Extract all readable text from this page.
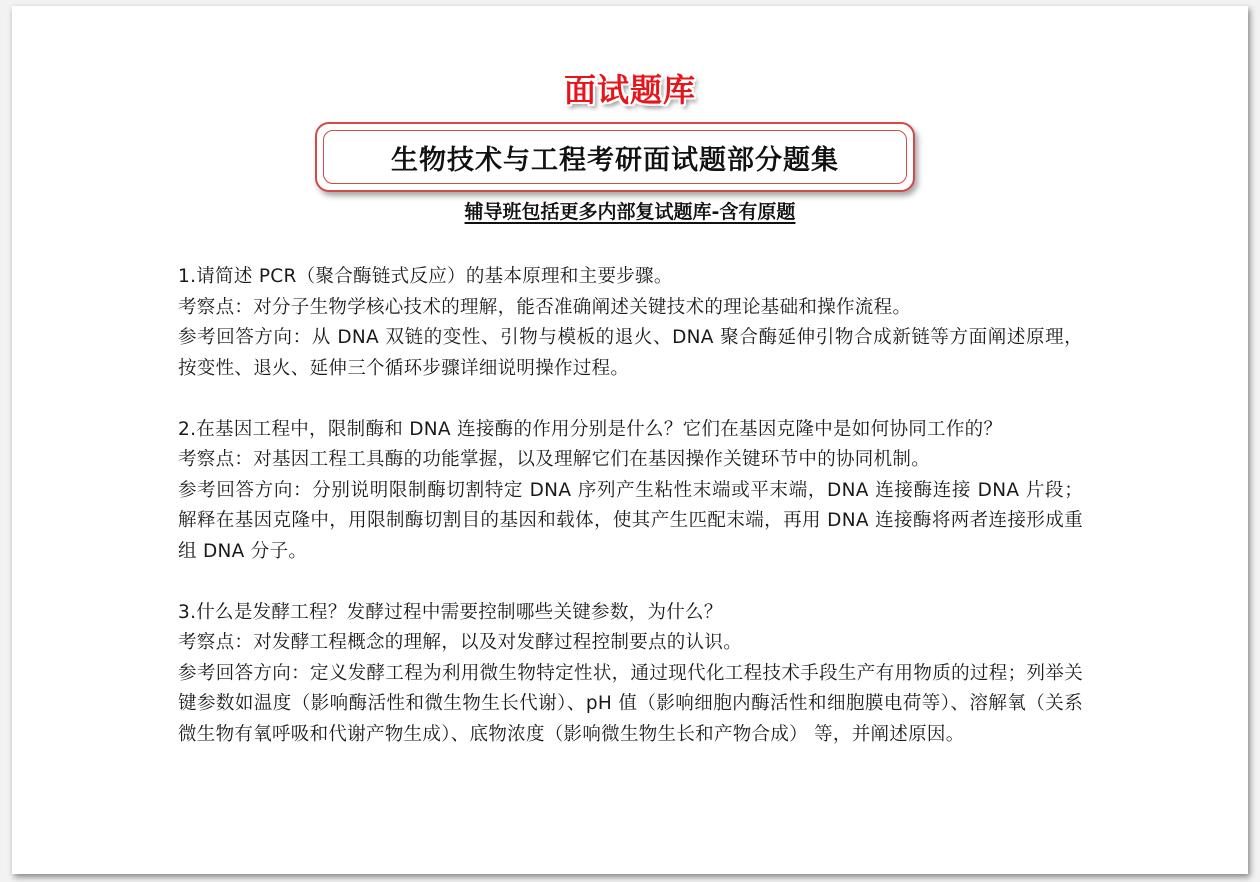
面试题库
生物技术与工程考研面试题部分题集
辅导班包括更多内部复试题库-含有原题

1.请简述 PCR（聚合酶链式反应）的基本原理和主要步骤。

考察点：对分子生物学核心技术的理解，能否准确阐述关键技术的理论基础和操作流程。

参考回答方向：从 DNA 双链的变性、引物与模板的退火、DNA 聚合酶延伸引物合成新链等方面阐述原理，按变性、退火、延伸三个循环步骤详细说明操作过程。

2.在基因工程中，限制酶和 DNA 连接酶的作用分别是什么？它们在基因克隆中是如何协同工作的？

考察点：对基因工程工具酶的功能掌握，以及理解它们在基因操作关键环节中的协同机制。

参考回答方向：分别说明限制酶切割特定 DNA 序列产生粘性末端或平末端，DNA 连接酶连接 DNA 片段；解释在基因克隆中，用限制酶切割目的基因和载体，使其产生匹配末端，再用 DNA 连接酶将两者连接形成重组 DNA 分子。

3.什么是发酵工程？发酵过程中需要控制哪些关键参数，为什么？

考察点：对发酵工程概念的理解，以及对发酵过程控制要点的认识。

参考回答方向：定义发酵工程为利用微生物特定性状，通过现代化工程技术手段生产有用物质的过程；列举关键参数如温度（影响酶活性和微生物生长代谢）、pH 值（影响细胞内酶活性和细胞膜电荷等）、溶解氧（关系微生物有氧呼吸和代谢产物生成）、底物浓度（影响微生物生长和产物合成） 等，并阐述原因。
